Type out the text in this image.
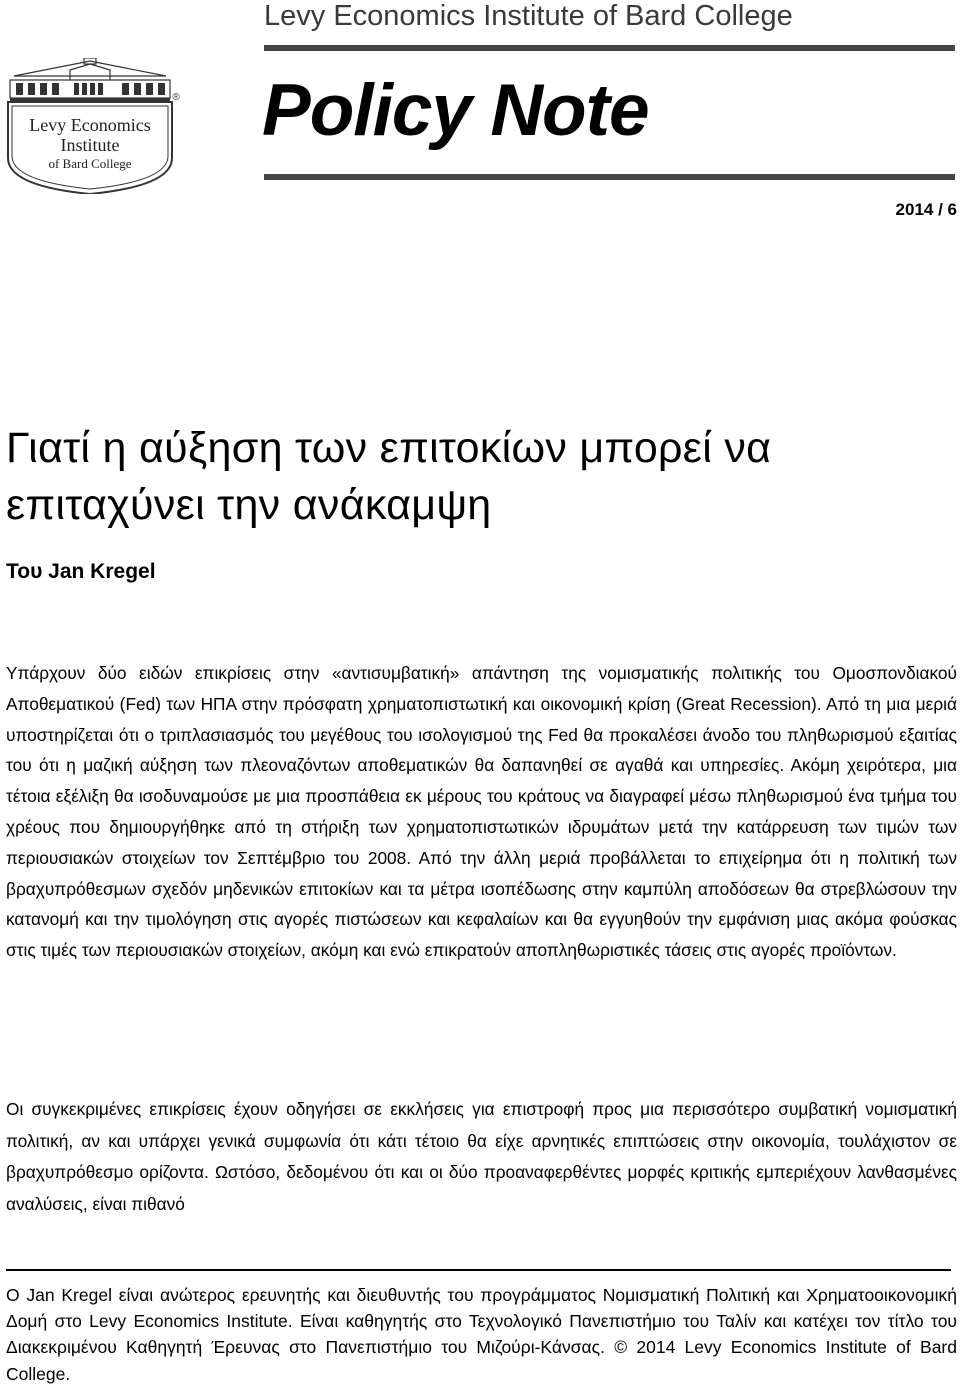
Levy Economics Institute of Bard College
Policy Note
Levy Economics
Institute
of Bard College
®
2014 / 6
Γιατί η αύξηση των επιτοκίων μπορεί να επιταχύνει την ανάκαμψη
Του Jan Kregel

Υπάρχουν δύο ειδών επικρίσεις στην «αντισυμβατική» απάντηση της νομισματικής πολιτικής του Ομοσπονδιακού Αποθεματικού (Fed) των ΗΠΑ στην πρόσφατη χρηματοπιστωτική και οικονομική κρίση (Great Recession). Από τη μια μεριά υποστηρίζεται ότι ο τριπλασιασμός του μεγέθους του ισολογισμού της Fed θα προκαλέσει άνοδο του πληθωρισμού εξαιτίας του ότι η μαζική αύξηση των πλεοναζόντων αποθεματικών θα δαπανηθεί σε αγαθά και υπηρεσίες. Ακόμη χειρότερα, μια τέτοια εξέλιξη θα ισοδυναμούσε με μια προσπάθεια εκ μέρους του κράτους να διαγραφεί μέσω πληθωρισμού ένα τμήμα του χρέους που δημιουργήθηκε από τη στήριξη των χρηματοπιστωτικών ιδρυμάτων μετά την κατάρρευση των τιμών των περιουσιακών στοιχείων τον Σεπτέμβριο του 2008. Από την άλλη μεριά προβάλλεται το επιχείρημα ότι η πολιτική των βραχυπρόθεσμων σχεδόν μηδενικών επιτοκίων και τα μέτρα ισοπέδωσης στην καμπύλη αποδόσεων θα στρεβλώσουν την κατανομή και την τιμολόγηση στις αγορές πιστώσεων και κεφαλαίων και θα εγγυηθούν την εμφάνιση μιας ακόμα φούσκας στις τιμές των περιουσιακών στοιχείων, ακόμη και ενώ επικρατούν αποπληθωριστικές τάσεις στις αγορές προϊόντων.

Οι συγκεκριμένες επικρίσεις έχουν οδηγήσει σε εκκλήσεις για επιστροφή προς μια περισσότερο συμβατική νομισματική πολιτική, αν και υπάρχει γενικά συμφωνία ότι κάτι τέτοιο θα είχε αρνητικές επιπτώσεις στην οικονομία, τουλάχιστον σε βραχυπρόθεσμο ορίζοντα. Ωστόσο, δεδομένου ότι και οι δύο προαναφερθέντες μορφές κριτικής εμπεριέχουν λανθασμένες αναλύσεις, είναι πιθανό

Ο Jan Kregel είναι ανώτερος ερευνητής και διευθυντής του προγράμματος Νομισματική Πολιτική και Χρηματοοικονομική Δομή στο Levy Economics Institute. Είναι καθηγητής στο Τεχνολογικό Πανεπιστήμιο του Ταλίν και κατέχει τον τίτλο του Διακεκριμένου Καθηγητή Έρευνας στο Πανεπιστήμιο του Μιζούρι-Κάνσας. © 2014 Levy Economics Institute of Bard College.
